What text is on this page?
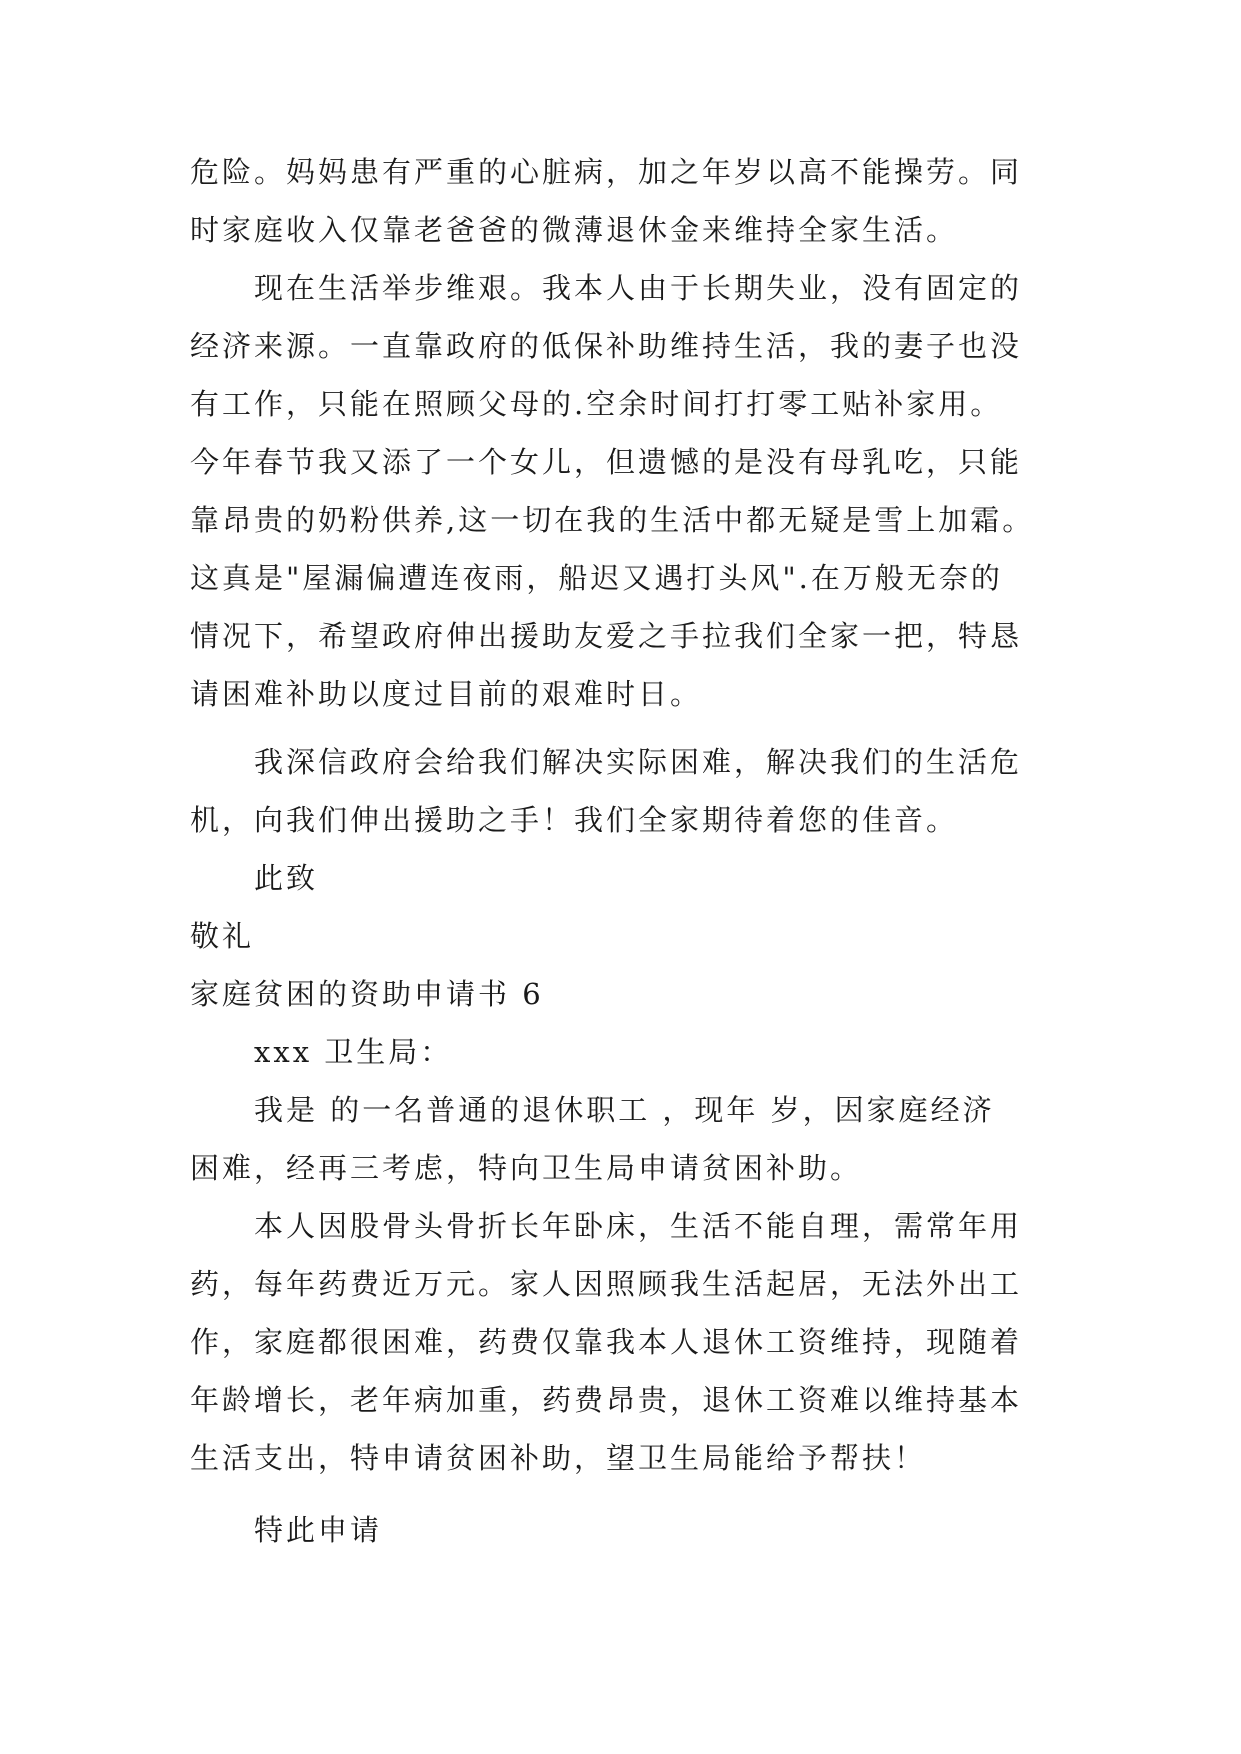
危险。妈妈患有严重的心脏病，加之年岁以高不能操劳。同
时家庭收入仅靠老爸爸的微薄退休金来维持全家生活。
现在生活举步维艰。我本人由于长期失业，没有固定的
经济来源。一直靠政府的低保补助维持生活，我的妻子也没
有工作，只能在照顾父母的.空余时间打打零工贴补家用。
今年春节我又添了一个女儿，但遗憾的是没有母乳吃，只能
靠昂贵的奶粉供养,这一切在我的生活中都无疑是雪上加霜。
这真是"屋漏偏遭连夜雨，船迟又遇打头风".在万般无奈的
情况下，希望政府伸出援助友爱之手拉我们全家一把，特恳
请困难补助以度过目前的艰难时日。
我深信政府会给我们解决实际困难，解决我们的生活危
机，向我们伸出援助之手！我们全家期待着您的佳音。
此致
敬礼
家庭贫困的资助申请书 6
xxx 卫生局：
我是 的一名普通的退休职工 ，现年 岁，因家庭经济
困难，经再三考虑，特向卫生局申请贫困补助。
本人因股骨头骨折长年卧床，生活不能自理，需常年用
药，每年药费近万元。家人因照顾我生活起居，无法外出工
作，家庭都很困难，药费仅靠我本人退休工资维持，现随着
年龄增长，老年病加重，药费昂贵，退休工资难以维持基本
生活支出，特申请贫困补助，望卫生局能给予帮扶！
特此申请
